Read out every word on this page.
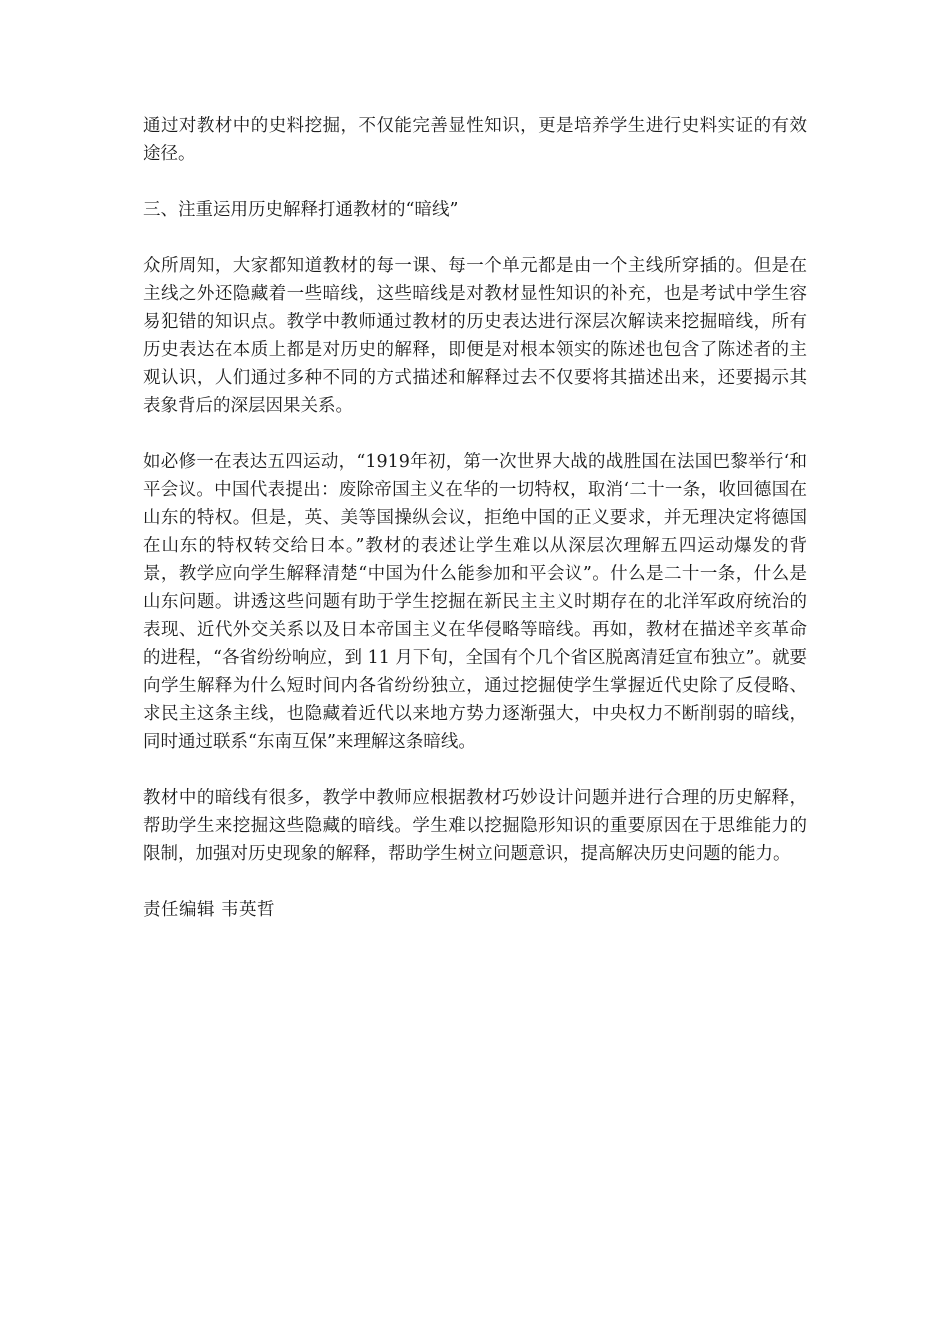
通过对教材中的史料挖掘，不仅能完善显性知识，更是培养学生进行史料实证的有效途径。

三、注重运用历史解释打通教材的“暗线”

众所周知，大家都知道教材的每一课、每一个单元都是由一个主线所穿插的。但是在主线之外还隐藏着一些暗线，这些暗线是对教材显性知识的补充，也是考试中学生容易犯错的知识点。教学中教师通过教材的历史表达进行深层次解读来挖掘暗线，所有历史表达在本质上都是对历史的解释，即便是对根本领实的陈述也包含了陈述者的主观认识，人们通过多种不同的方式描述和解释过去不仅要将其描述出来，还要揭示其表象背后的深层因果关系。

如必修一在表达五四运动，“1919年初，第一次世界大战的战胜国在法国巴黎举行‘和平会议。中国代表提出：废除帝国主义在华的一切特权，取消‘二十一条，收回德国在山东的特权。但是，英、美等国操纵会议，拒绝中国的正义要求，并无理决定将德国在山东的特权转交给日本。”教材的表述让学生难以从深层次理解五四运动爆发的背景，教学应向学生解释清楚“中国为什么能参加和平会议”。什么是二十一条，什么是山东问题。讲透这些问题有助于学生挖掘在新民主主义时期存在的北洋军政府统治的表现、近代外交关系以及日本帝国主义在华侵略等暗线。再如，教材在描述辛亥革命的进程，“各省纷纷响应，到 11 月下旬，全国有个几个省区脱离清廷宣布独立”。就要向学生解释为什么短时间内各省纷纷独立，通过挖掘使学生掌握近代史除了反侵略、求民主这条主线，也隐藏着近代以来地方势力逐渐强大，中央权力不断削弱的暗线，同时通过联系“东南互保”来理解这条暗线。

教材中的暗线有很多，教学中教师应根据教材巧妙设计问题并进行合理的历史解释，帮助学生来挖掘这些隐藏的暗线。学生难以挖掘隐形知识的重要原因在于思维能力的限制，加强对历史现象的解释，帮助学生树立问题意识，提高解决历史问题的能力。

责任编辑 韦英哲
